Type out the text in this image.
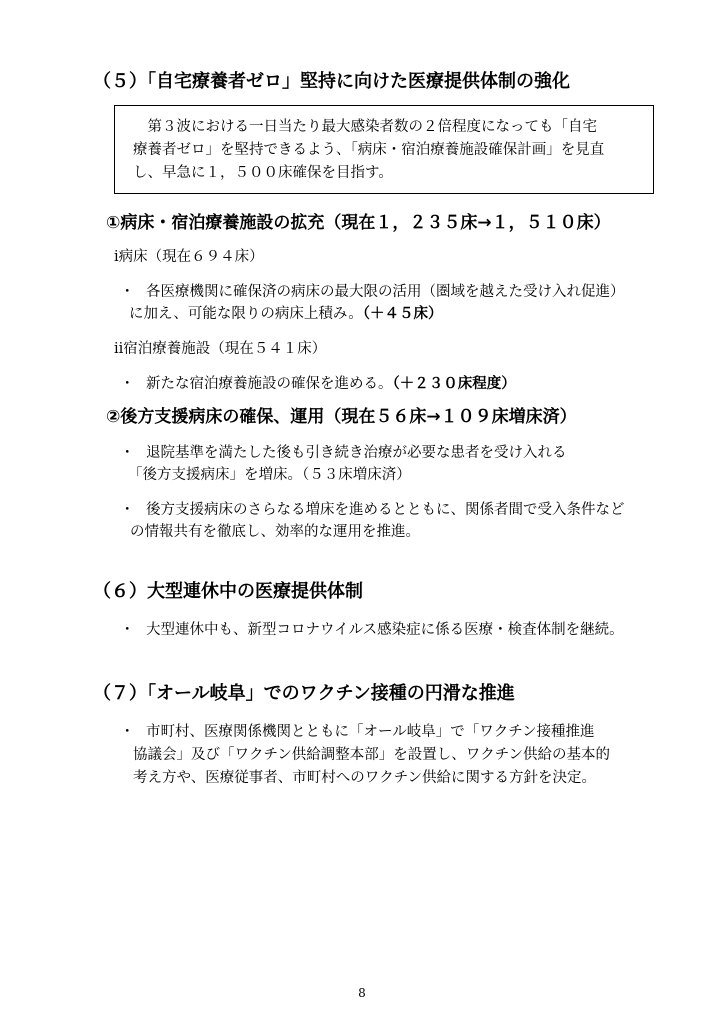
（５）「自宅療養者ゼロ」堅持に向けた医療提供体制の強化
　第３波における一日当たり最大感染者数の２倍程度になっても「自宅
療養者ゼロ」を堅持できるよう、「病床・宿泊療養施設確保計画」を見直
し、早急に１，５００床確保を目指す。
①病床・宿泊療養施設の拡充（現在１，２３５床→１，５１０床）
ⅰ病床（現在６９４床）
・ 各医療機関に確保済の病床の最大限の活用（圏域を越えた受け入れ促進）
に加え、可能な限りの病床上積み。（＋４５床）
ⅱ宿泊療養施設（現在５４１床）
・ 新たな宿泊療養施設の確保を進める。（＋２３０床程度）
②後方支援病床の確保、運用（現在５６床→１０９床増床済）
・ 退院基準を満たした後も引き続き治療が必要な患者を受け入れる
「後方支援病床」を増床。（５３床増床済）
・ 後方支援病床のさらなる増床を進めるとともに、関係者間で受入条件など
の情報共有を徹底し、効率的な運用を推進。
（６）大型連休中の医療提供体制
・ 大型連休中も、新型コロナウイルス感染症に係る医療・検査体制を継続。
（７）「オール岐阜」でのワクチン接種の円滑な推進
・ 市町村、医療関係機関とともに「オール岐阜」で「ワクチン接種推進
協議会」及び「ワクチン供給調整本部」を設置し、ワクチン供給の基本的
考え方や、医療従事者、市町村へのワクチン供給に関する方針を決定。
8
